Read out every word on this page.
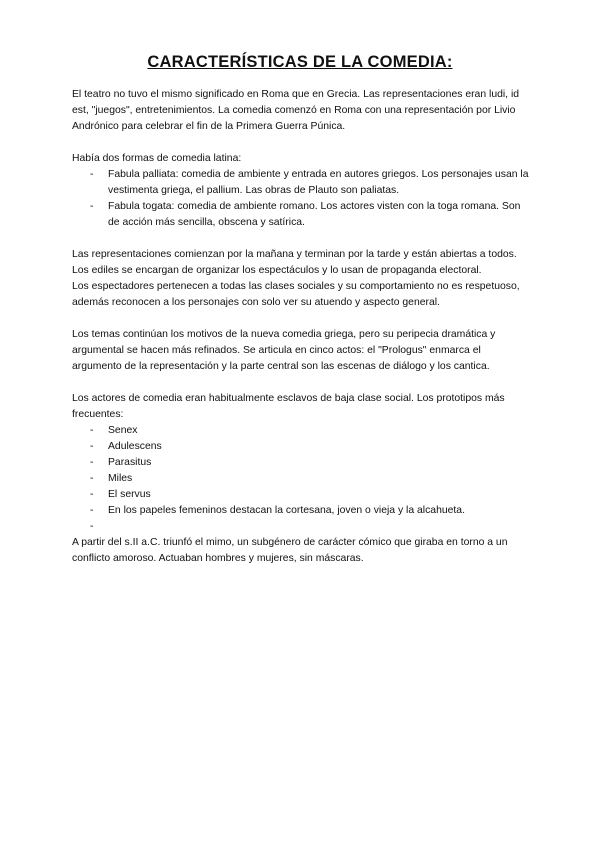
CARACTERÍSTICAS DE LA COMEDIA:

El teatro no tuvo el mismo significado en Roma que en Grecia. Las representaciones eran ludi, id est, "juegos", entretenimientos. La comedia comenzó en Roma con una representación por Livio Andrónico para celebrar el fin de la Primera Guerra Púnica.

Había dos formas de comedia latina:

-
Fabula palliata: comedia de ambiente y entrada en autores griegos. Los personajes usan la vestimenta griega, el pallium. Las obras de Plauto son paliatas.
-
Fabula togata: comedia de ambiente romano. Los actores visten con la toga romana. Son de acción más sencilla, obscena y satírica.

Las representaciones comienzan por la mañana y terminan por la tarde y están abiertas a todos. Los ediles se encargan de organizar los espectáculos y lo usan de propaganda electoral.

Los espectadores pertenecen a todas las clases sociales y su comportamiento no es respetuoso, además reconocen a los personajes con solo ver su atuendo y aspecto general.

Los temas continúan los motivos de la nueva comedia griega, pero su peripecia dramática y argumental se hacen más refinados. Se articula en cinco actos: el "Prologus" enmarca el argumento de la representación y la parte central son las escenas de diálogo y los cantica.

Los actores de comedia eran habitualmente esclavos de baja clase social. Los prototipos más frecuentes:

-
Senex
-
Adulescens
-
Parasitus
-
Miles
-
El servus
-
En los papeles femeninos destacan la cortesana, joven o vieja y la alcahueta.
-

A partir del s.II a.C. triunfó el mimo, un subgénero de carácter cómico que giraba en torno a un conflicto amoroso. Actuaban hombres y mujeres, sin máscaras.
